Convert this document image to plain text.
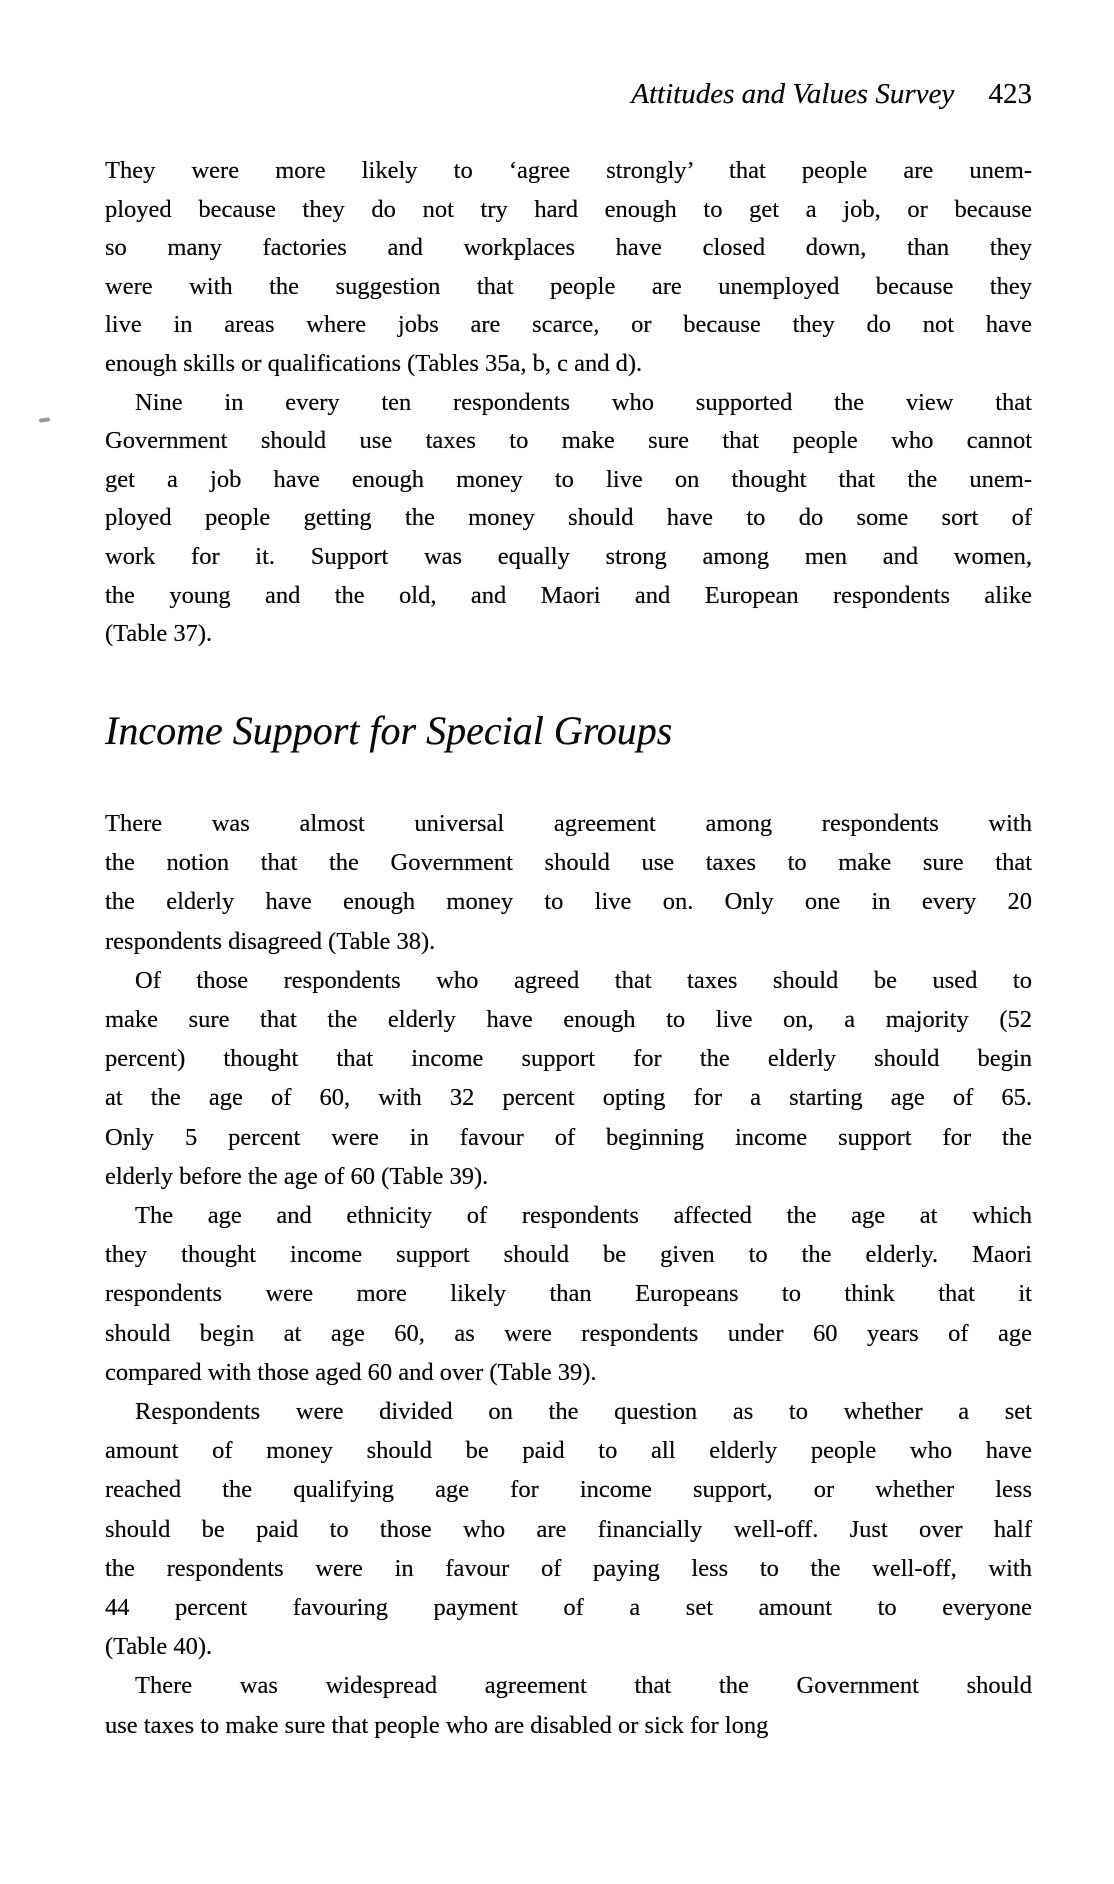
Attitudes and Values Survey 423
They were more likely to ‘agree strongly’ that people are unem-
ployed because they do not try hard enough to get a job, or because
so many factories and workplaces have closed down, than they
were with the suggestion that people are unemployed because they
live in areas where jobs are scarce, or because they do not have
enough skills or qualifications (Tables 35a, b, c and d).
Nine in every ten respondents who supported the view that
Government should use taxes to make sure that people who cannot
get a job have enough money to live on thought that the unem-
ployed people getting the money should have to do some sort of
work for it. Support was equally strong among men and women,
the young and the old, and Maori and European respondents alike
(Table 37).
Income Support for Special Groups
There was almost universal agreement among respondents with
the notion that the Government should use taxes to make sure that
the elderly have enough money to live on. Only one in every 20
respondents disagreed (Table 38).
Of those respondents who agreed that taxes should be used to
make sure that the elderly have enough to live on, a majority (52
percent) thought that income support for the elderly should begin
at the age of 60, with 32 percent opting for a starting age of 65.
Only 5 percent were in favour of beginning income support for the
elderly before the age of 60 (Table 39).
The age and ethnicity of respondents affected the age at which
they thought income support should be given to the elderly. Maori
respondents were more likely than Europeans to think that it
should begin at age 60, as were respondents under 60 years of age
compared with those aged 60 and over (Table 39).
Respondents were divided on the question as to whether a set
amount of money should be paid to all elderly people who have
reached the qualifying age for income support, or whether less
should be paid to those who are financially well-off. Just over half
the respondents were in favour of paying less to the well-off, with
44 percent favouring payment of a set amount to everyone
(Table 40).
There was widespread agreement that the Government should
use taxes to make sure that people who are disabled or sick for long
